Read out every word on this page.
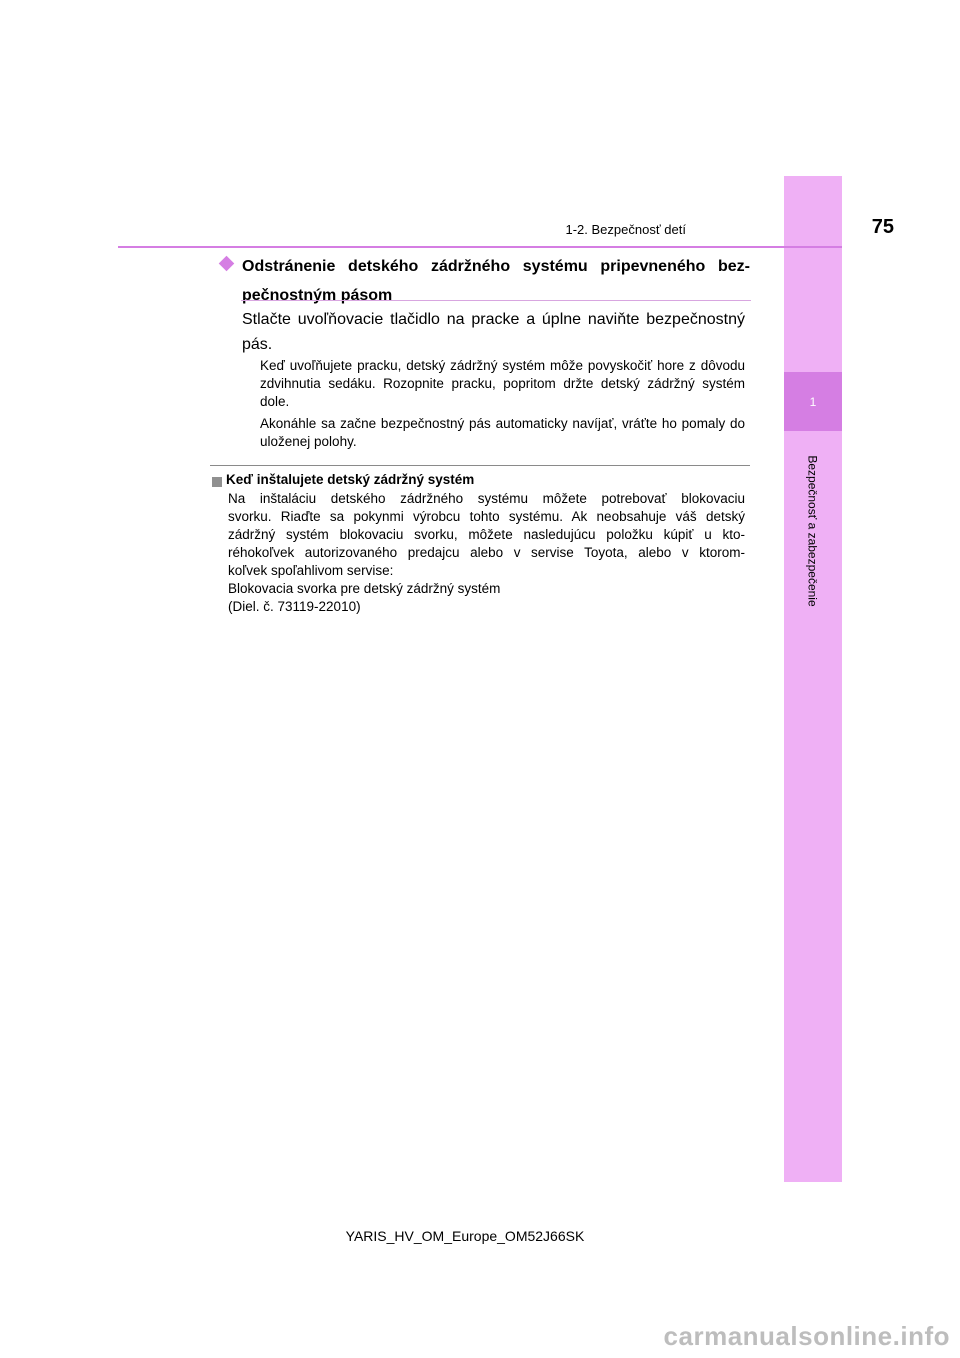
1
Bezpečnosť a zabezpečenie
1-2. Bezpečnosť detí	75
Odstránenie detského zádržného systému pripevneného bezpečnostným pásom
Stlačte uvoľňovacie tlačidlo na pracke a úplne naviňte bezpečnostný pás.
Keď uvoľňujete pracku, detský zádržný systém môže povyskočiť hore z dôvodu zdvihnutia sedáku. Rozopnite pracku, popritom držte detský zádržný systém dole.
Akonáhle sa začne bezpečnostný pás automaticky navíjať, vráťte ho pomaly do uloženej polohy.
Keď inštalujete detský zádržný systém
Na inštaláciu detského zádržného systému môžete potrebovať blokovaciu
svorku. Riaďte sa pokynmi výrobcu tohto systému. Ak neobsahuje váš detský
zádržný systém blokovaciu svorku, môžete nasledujúcu položku kúpiť u kto-
réhokoľvek autorizovaného predajcu alebo v servise Toyota, alebo v ktorom-
koľvek spoľahlivom servise:
Blokovacia svorka pre detský zádržný systém
(Diel. č. 73119-22010)
YARIS_HV_OM_Europe_OM52J66SK
carmanualsonline.info
